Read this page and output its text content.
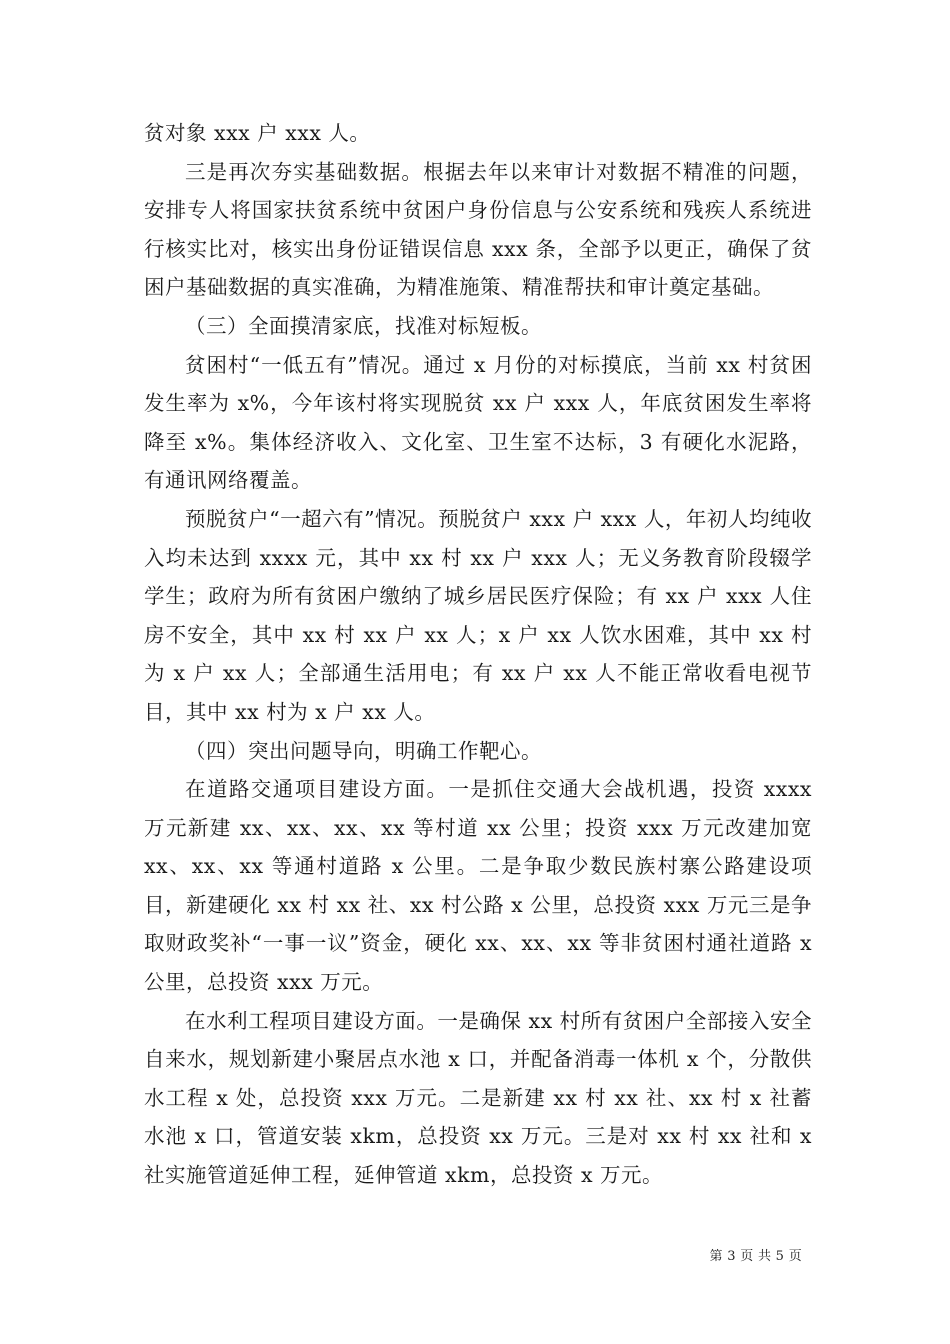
贫对象 xxx 户 xxx 人。

三是再次夯实基础数据。根据去年以来审计对数据不精准的问题，安排专人将国家扶贫系统中贫困户身份信息与公安系统和残疾人系统进行核实比对，核实出身份证错误信息 xxx 条，全部予以更正，确保了贫困户基础数据的真实准确，为精准施策、精准帮扶和审计奠定基础。

（三）全面摸清家底，找准对标短板。

贫困村“一低五有”情况。通过 x 月份的对标摸底，当前 xx 村贫困发生率为 x%，今年该村将实现脱贫 xx 户 xxx 人，年底贫困发生率将降至 x%。集体经济收入、文化室、卫生室不达标，3 有硬化水泥路，有通讯网络覆盖。

预脱贫户“一超六有”情况。预脱贫户 xxx 户 xxx 人，年初人均纯收入均未达到 xxxx 元，其中 xx 村 xx 户 xxx 人；无义务教育阶段辍学学生；政府为所有贫困户缴纳了城乡居民医疗保险；有 xx 户 xxx 人住房不安全，其中 xx 村 xx 户 xx 人；x 户 xx 人饮水困难，其中 xx 村为 x 户 xx 人；全部通生活用电；有 xx 户 xx 人不能正常收看电视节目，其中 xx 村为 x 户 xx 人。

（四）突出问题导向，明确工作靶心。

在道路交通项目建设方面。一是抓住交通大会战机遇，投资 xxxx 万元新建 xx、xx、xx、xx 等村道 xx 公里；投资 xxx 万元改建加宽 xx、xx、xx 等通村道路 x 公里。二是争取少数民族村寨公路建设项目，新建硬化 xx 村 xx 社、xx 村公路 x 公里，总投资 xxx 万元三是争取财政奖补“一事一议”资金，硬化 xx、xx、xx 等非贫困村通社道路 x 公里，总投资 xxx 万元。

在水利工程项目建设方面。一是确保 xx 村所有贫困户全部接入安全自来水，规划新建小聚居点水池 x 口，并配备消毒一体机 x 个，分散供水工程 x 处，总投资 xxx 万元。二是新建 xx 村 xx 社、xx 村 x 社蓄水池 x 口，管道安装 xkm，总投资 xx 万元。三是对 xx 村 xx 社和 x 社实施管道延伸工程，延伸管道 xkm，总投资 x 万元。

第 3 页 共 5 页
